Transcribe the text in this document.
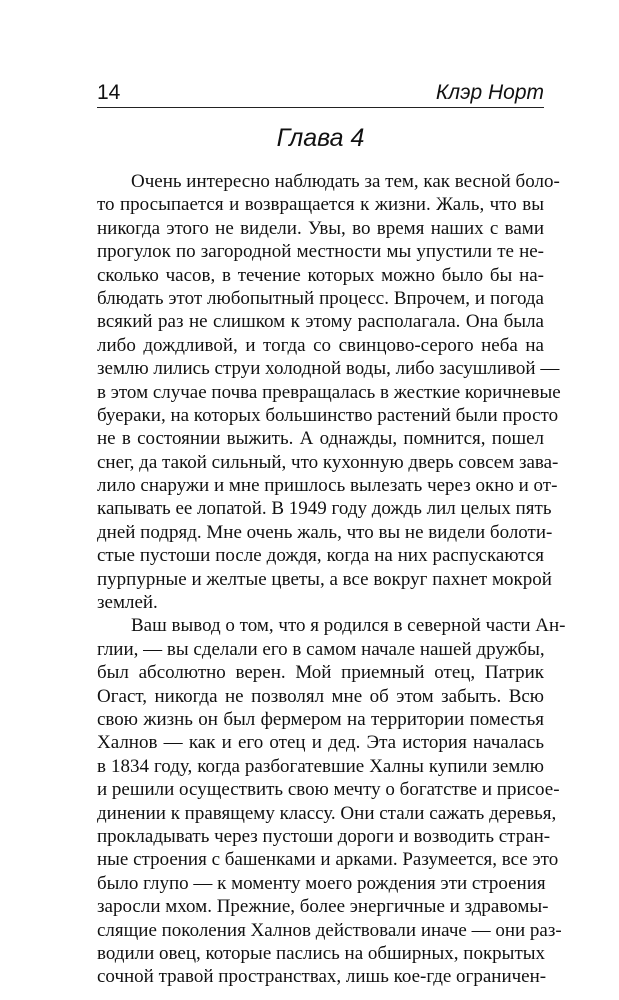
14	Клэр Норт
Глава 4
Очень интересно наблюдать за тем, как весной боло-
то просыпается и возвращается к жизни. Жаль, что вы
никогда этого не видели. Увы, во время наших с вами
прогулок по загородной местности мы упустили те не-
сколько часов, в течение которых можно было бы на-
блюдать этот любопытный процесс. Впрочем, и погода
всякий раз не слишком к этому располагала. Она была
либо дождливой, и тогда со свинцово-серого неба на
землю лились струи холодной воды, либо засушливой —
в этом случае почва превращалась в жесткие коричневые
буераки, на которых большинство растений были просто
не в состоянии выжить. А однажды, помнится, пошел
снег, да такой сильный, что кухонную дверь совсем зава-
лило снаружи и мне пришлось вылезать через окно и от-
капывать ее лопатой. В 1949 году дождь лил целых пять
дней подряд. Мне очень жаль, что вы не видели болоти-
стые пустоши после дождя, когда на них распускаются
пурпурные и желтые цветы, а все вокруг пахнет мокрой
землей.
Ваш вывод о том, что я родился в северной части Ан-
глии, — вы сделали его в самом начале нашей дружбы,
был абсолютно верен. Мой приемный отец, Патрик
Огаст, никогда не позволял мне об этом забыть. Всю
свою жизнь он был фермером на территории поместья
Халнов — как и его отец и дед. Эта история началась
в 1834 году, когда разбогатевшие Халны купили землю
и решили осуществить свою мечту о богатстве и присое-
динении к правящему классу. Они стали сажать деревья,
прокладывать через пустоши дороги и возводить стран-
ные строения с башенками и арками. Разумеется, все это
было глупо — к моменту моего рождения эти строения
заросли мхом. Прежние, более энергичные и здравомы-
слящие поколения Халнов действовали иначе — они раз-
водили овец, которые паслись на обширных, покрытых
сочной травой пространствах, лишь кое-где ограничен-
